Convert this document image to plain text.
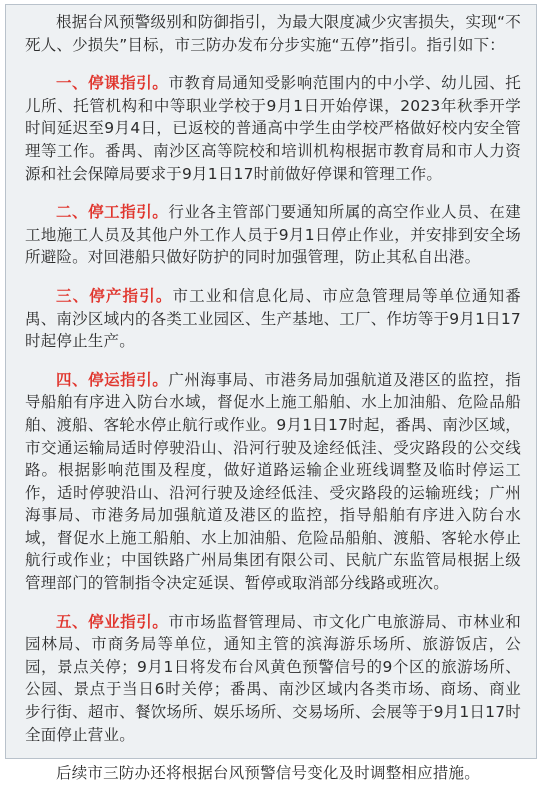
根据台风预警级别和防御指引，为最大限度减少灾害损失，实现“不死人、少损失”目标，市三防办发布分步实施“五停”指引。指引如下：

一、停课指引。市教育局通知受影响范围内的中小学、幼儿园、托儿所、托管机构和中等职业学校于9月1日开始停课，2023年秋季开学时间延迟至9月4日，已返校的普通高中学生由学校严格做好校内安全管理等工作。番禺、南沙区高等院校和培训机构根据市教育局和市人力资源和社会保障局要求于9月1日17时前做好停课和管理工作。

二、停工指引。行业各主管部门要通知所属的高空作业人员、在建工地施工人员及其他户外工作人员于9月1日停止作业，并安排到安全场所避险。对回港船只做好防护的同时加强管理，防止其私自出港。

三、停产指引。市工业和信息化局、市应急管理局等单位通知番禺、南沙区域内的各类工业园区、生产基地、工厂、作坊等于9月1日17时起停止生产。

四、停运指引。广州海事局、市港务局加强航道及港区的监控，指导船舶有序进入防台水域，督促水上施工船舶、水上加油船、危险品船舶、渡船、客轮水停止航行或作业。9月1日17时起，番禺、南沙区域，市交通运输局适时停驶沿山、沿河行驶及途经低洼、受灾路段的公交线路。根据影响范围及程度，做好道路运输企业班线调整及临时停运工作，适时停驶沿山、沿河行驶及途经低洼、受灾路段的运输班线；广州海事局、市港务局加强航道及港区的监控，指导船舶有序进入防台水域，督促水上施工船舶、水上加油船、危险品船舶、渡船、客轮水停止航行或作业；中国铁路广州局集团有限公司、民航广东监管局根据上级管理部门的管制指令决定延误、暂停或取消部分线路或班次。

五、停业指引。市市场监督管理局、市文化广电旅游局、市林业和园林局、市商务局等单位，通知主管的滨海游乐场所、旅游饭店，公园，景点关停；9月1日将发布台风黄色预警信号的9个区的旅游场所、公园、景点于当日6时关停；番禺、南沙区域内各类市场、商场、商业步行街、超市、餐饮场所、娱乐场所、交易场所、会展等于9月1日17时全面停止营业。

后续市三防办还将根据台风预警信号变化及时调整相应措施。
